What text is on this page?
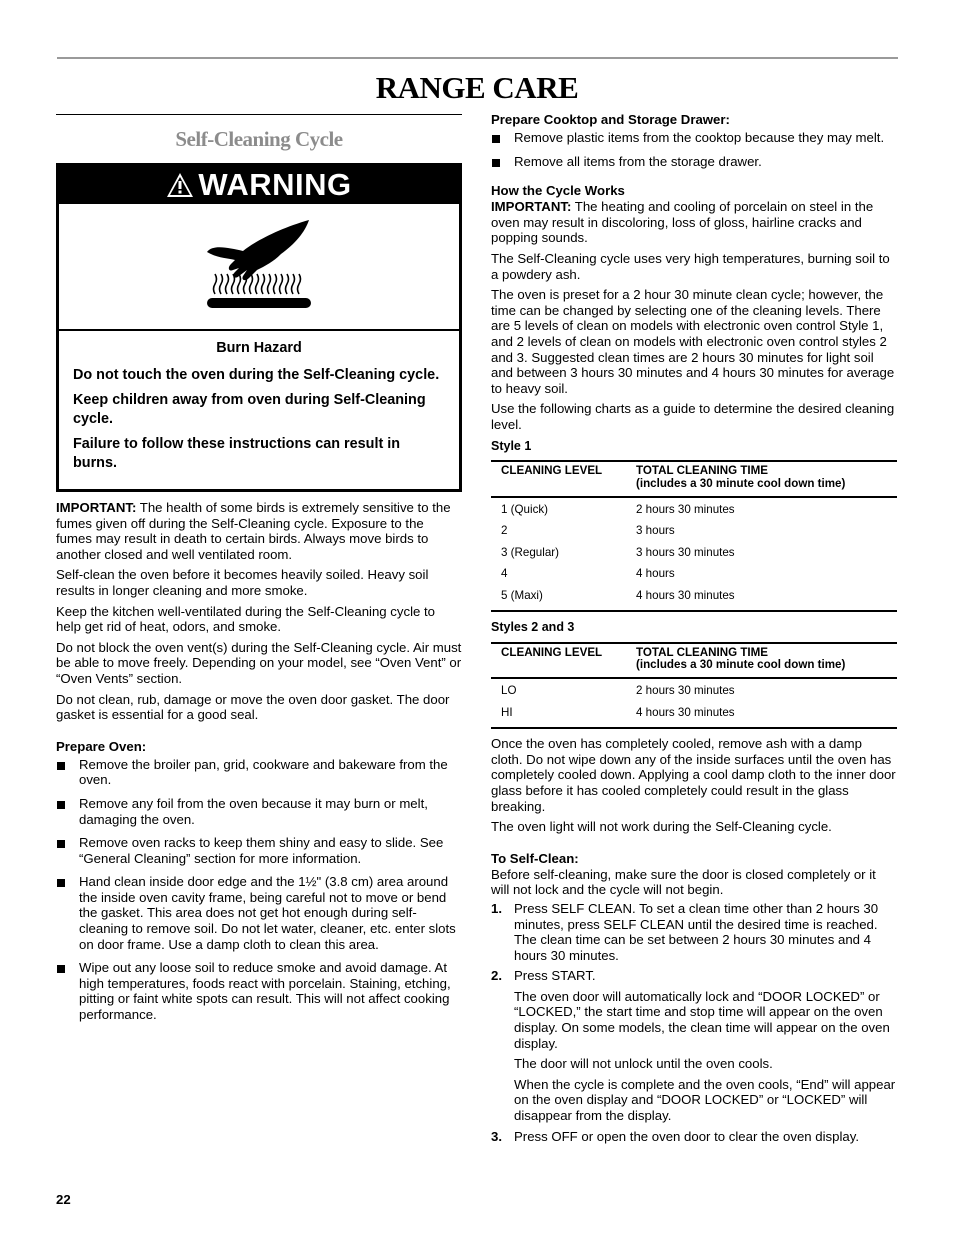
RANGE CARE
Self-Cleaning Cycle
WARNING
Burn Hazard

Do not touch the oven during the Self-Cleaning cycle.

Keep children away from oven during Self-Cleaning cycle.

Failure to follow these instructions can result in burns.

IMPORTANT: The health of some birds is extremely sensitive to the fumes given off during the Self-Cleaning cycle. Exposure to the fumes may result in death to certain birds. Always move birds to another closed and well ventilated room.

Self-clean the oven before it becomes heavily soiled. Heavy soil results in longer cleaning and more smoke.

Keep the kitchen well-ventilated during the Self-Cleaning cycle to help get rid of heat, odors, and smoke.

Do not block the oven vent(s) during the Self-Cleaning cycle. Air must be able to move freely. Depending on your model, see “Oven Vent” or “Oven Vents” section.

Do not clean, rub, damage or move the oven door gasket. The door gasket is essential for a good seal.

Prepare Oven:
Remove the broiler pan, grid, cookware and bakeware from the oven.
Remove any foil from the oven because it may burn or melt, damaging the oven.
Remove oven racks to keep them shiny and easy to slide. See “General Cleaning” section for more information.
Hand clean inside door edge and the 1½" (3.8 cm) area around the inside oven cavity frame, being careful not to move or bend the gasket. This area does not get hot enough during self-cleaning to remove soil. Do not let water, cleaner, etc. enter slots on door frame. Use a damp cloth to clean this area.
Wipe out any loose soil to reduce smoke and avoid damage. At high temperatures, foods react with porcelain. Staining, etching, pitting or faint white spots can result. This will not affect cooking performance.
Prepare Cooktop and Storage Drawer:
Remove plastic items from the cooktop because they may melt.
Remove all items from the storage drawer.
How the Cycle Works

IMPORTANT: The heating and cooling of porcelain on steel in the oven may result in discoloring, loss of gloss, hairline cracks and popping sounds.

The Self-Cleaning cycle uses very high temperatures, burning soil to a powdery ash.

The oven is preset for a 2 hour 30 minute clean cycle; however, the time can be changed by selecting one of the cleaning levels. There are 5 levels of clean on models with electronic oven control Style 1, and 2 levels of clean on models with electronic oven control styles 2 and 3. Suggested clean times are 2 hours 30 minutes for light soil and between 3 hours 30 minutes and 4 hours 30 minutes for average to heavy soil.

Use the following charts as a guide to determine the desired cleaning level.

Style 1
CLEANING LEVEL	TOTAL CLEANING TIME
(includes a 30 minute cool down time)
1 (Quick)	2 hours 30 minutes
2	3 hours
3 (Regular)	3 hours 30 minutes
4	4 hours
5 (Maxi)	4 hours 30 minutes
Styles 2 and 3
CLEANING LEVEL	TOTAL CLEANING TIME
(includes a 30 minute cool down time)
LO	2 hours 30 minutes
HI	4 hours 30 minutes

Once the oven has completely cooled, remove ash with a damp cloth. Do not wipe down any of the inside surfaces until the oven has completely cooled down. Applying a cool damp cloth to the inner door glass before it has cooled completely could result in the glass breaking.

The oven light will not work during the Self-Cleaning cycle.

To Self-Clean:

Before self-cleaning, make sure the door is closed completely or it will not lock and the cycle will not begin.

1. Press SELF CLEAN. To set a clean time other than 2 hours 30 minutes, press SELF CLEAN until the desired time is reached. The clean time can be set between 2 hours 30 minutes and 4 hours 30 minutes.

2. Press START.

The oven door will automatically lock and “DOOR LOCKED” or “LOCKED,” the start time and stop time will appear on the oven display. On some models, the clean time will appear on the oven display.

The door will not unlock until the oven cools.

When the cycle is complete and the oven cools, “End” will appear on the oven display and “DOOR LOCKED” or “LOCKED” will disappear from the display.

3. Press OFF or open the oven door to clear the oven display.

22
